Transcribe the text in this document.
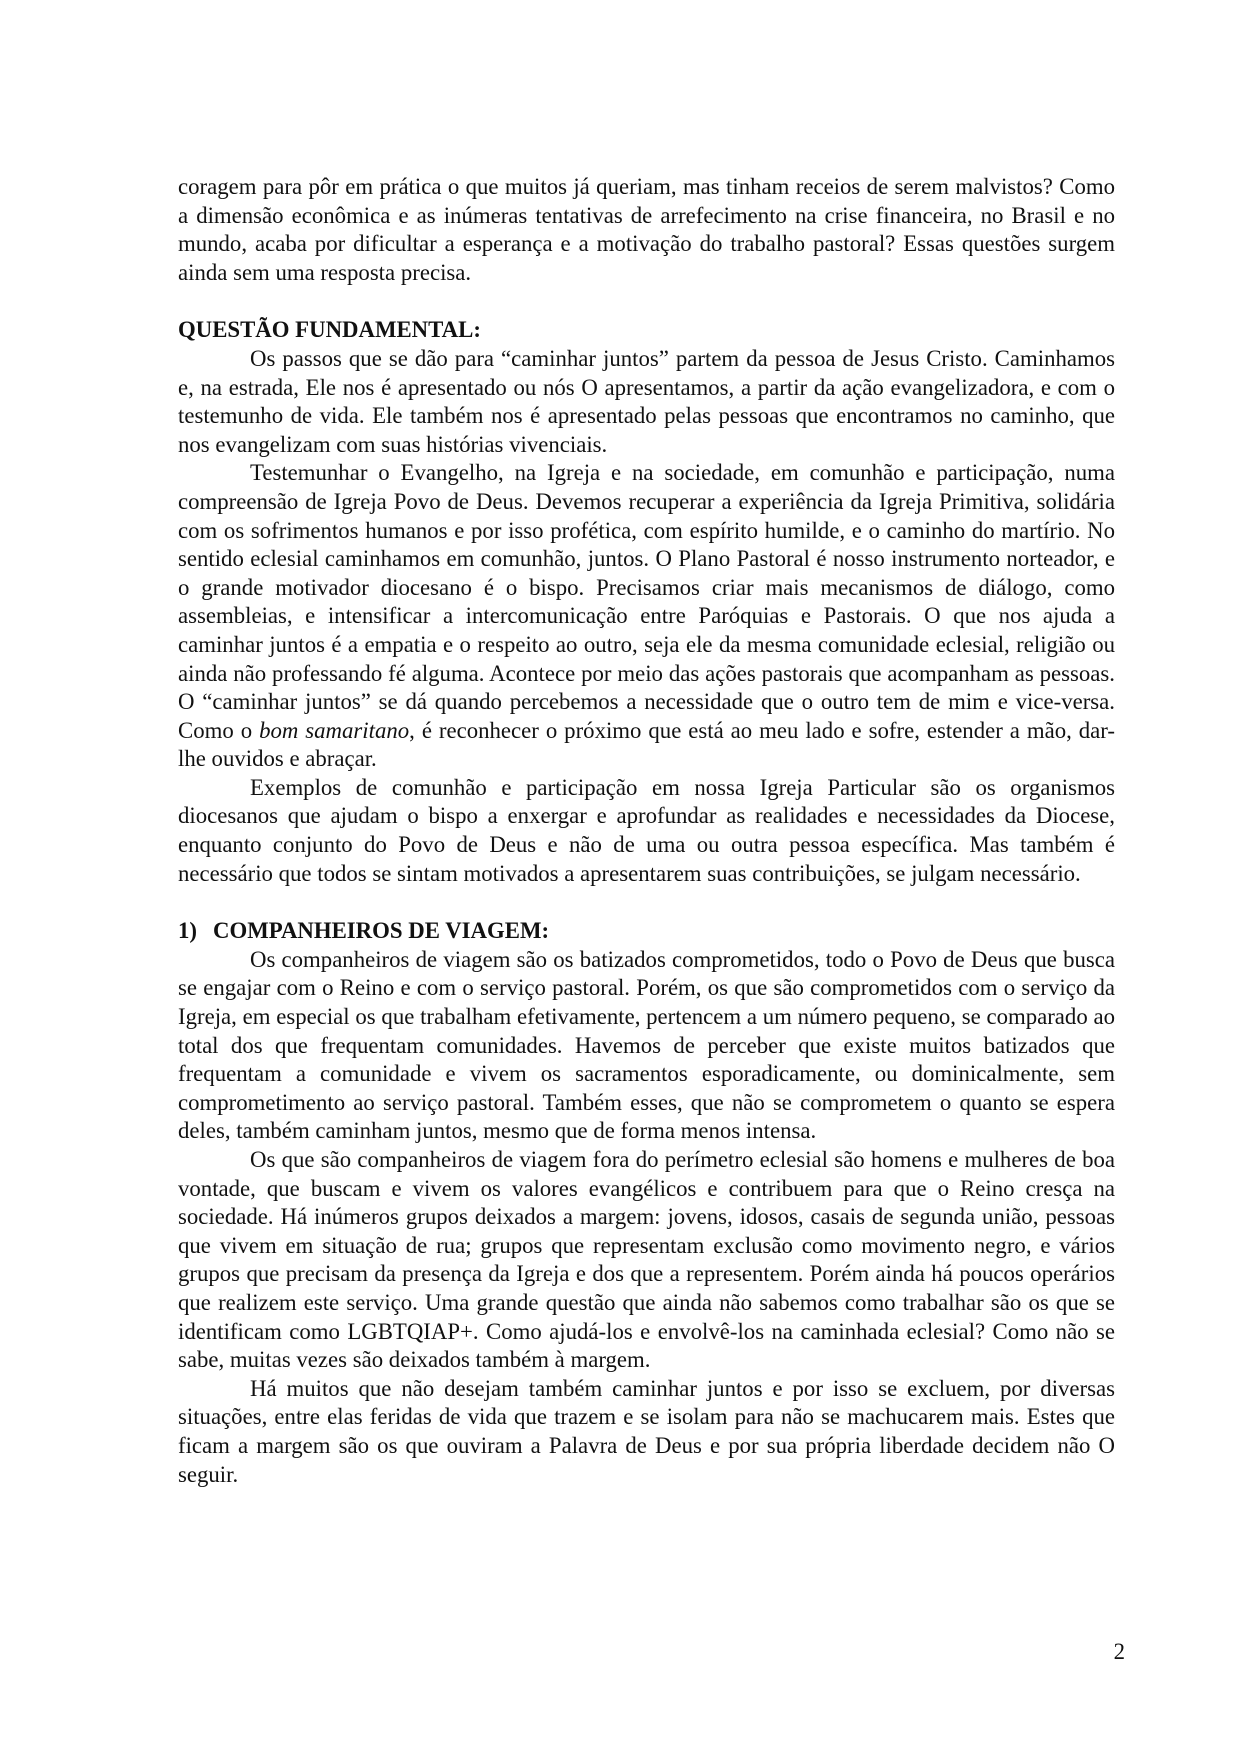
coragem para pôr em prática o que muitos já queriam, mas tinham receios de serem malvistos? Como a dimensão econômica e as inúmeras tentativas de arrefecimento na crise financeira, no Brasil e no mundo, acaba por dificultar a esperança e a motivação do trabalho pastoral? Essas questões surgem ainda sem uma resposta precisa.

QUESTÃO FUNDAMENTAL:

Os passos que se dão para “caminhar juntos” partem da pessoa de Jesus Cristo. Caminhamos e, na estrada, Ele nos é apresentado ou nós O apresentamos, a partir da ação evangelizadora, e com o testemunho de vida. Ele também nos é apresentado pelas pessoas que encontramos no caminho, que nos evangelizam com suas histórias vivenciais.

Testemunhar o Evangelho, na Igreja e na sociedade, em comunhão e participação, numa compreensão de Igreja Povo de Deus. Devemos recuperar a experiência da Igreja Primitiva, solidária com os sofrimentos humanos e por isso profética, com espírito humilde, e o caminho do martírio. No sentido eclesial caminhamos em comunhão, juntos. O Plano Pastoral é nosso instrumento norteador, e o grande motivador diocesano é o bispo. Precisamos criar mais mecanismos de diálogo, como assembleias, e intensificar a intercomunicação entre Paróquias e Pastorais. O que nos ajuda a caminhar juntos é a empatia e o respeito ao outro, seja ele da mesma comunidade eclesial, religião ou ainda não professando fé alguma. Acontece por meio das ações pastorais que acompanham as pessoas. O “caminhar juntos” se dá quando percebemos a necessidade que o outro tem de mim e vice-versa. Como o bom samaritano, é reconhecer o próximo que está ao meu lado e sofre, estender a mão, dar-lhe ouvidos e abraçar.

Exemplos de comunhão e participação em nossa Igreja Particular são os organismos diocesanos que ajudam o bispo a enxergar e aprofundar as realidades e necessidades da Diocese, enquanto conjunto do Povo de Deus e não de uma ou outra pessoa específica. Mas também é necessário que todos se sintam motivados a apresentarem suas contribuições, se julgam necessário.

1) COMPANHEIROS DE VIAGEM:

Os companheiros de viagem são os batizados comprometidos, todo o Povo de Deus que busca se engajar com o Reino e com o serviço pastoral. Porém, os que são comprometidos com o serviço da Igreja, em especial os que trabalham efetivamente, pertencem a um número pequeno, se comparado ao total dos que frequentam comunidades. Havemos de perceber que existe muitos batizados que frequentam a comunidade e vivem os sacramentos esporadicamente, ou dominicalmente, sem comprometimento ao serviço pastoral. Também esses, que não se comprometem o quanto se espera deles, também caminham juntos, mesmo que de forma menos intensa.

Os que são companheiros de viagem fora do perímetro eclesial são homens e mulheres de boa vontade, que buscam e vivem os valores evangélicos e contribuem para que o Reino cresça na sociedade. Há inúmeros grupos deixados a margem: jovens, idosos, casais de segunda união, pessoas que vivem em situação de rua; grupos que representam exclusão como movimento negro, e vários grupos que precisam da presença da Igreja e dos que a representem. Porém ainda há poucos operários que realizem este serviço. Uma grande questão que ainda não sabemos como trabalhar são os que se identificam como LGBTQIAP+. Como ajudá-los e envolvê-los na caminhada eclesial? Como não se sabe, muitas vezes são deixados também à margem.

Há muitos que não desejam também caminhar juntos e por isso se excluem, por diversas situações, entre elas feridas de vida que trazem e se isolam para não se machucarem mais. Estes que ficam a margem são os que ouviram a Palavra de Deus e por sua própria liberdade decidem não O seguir.

2
